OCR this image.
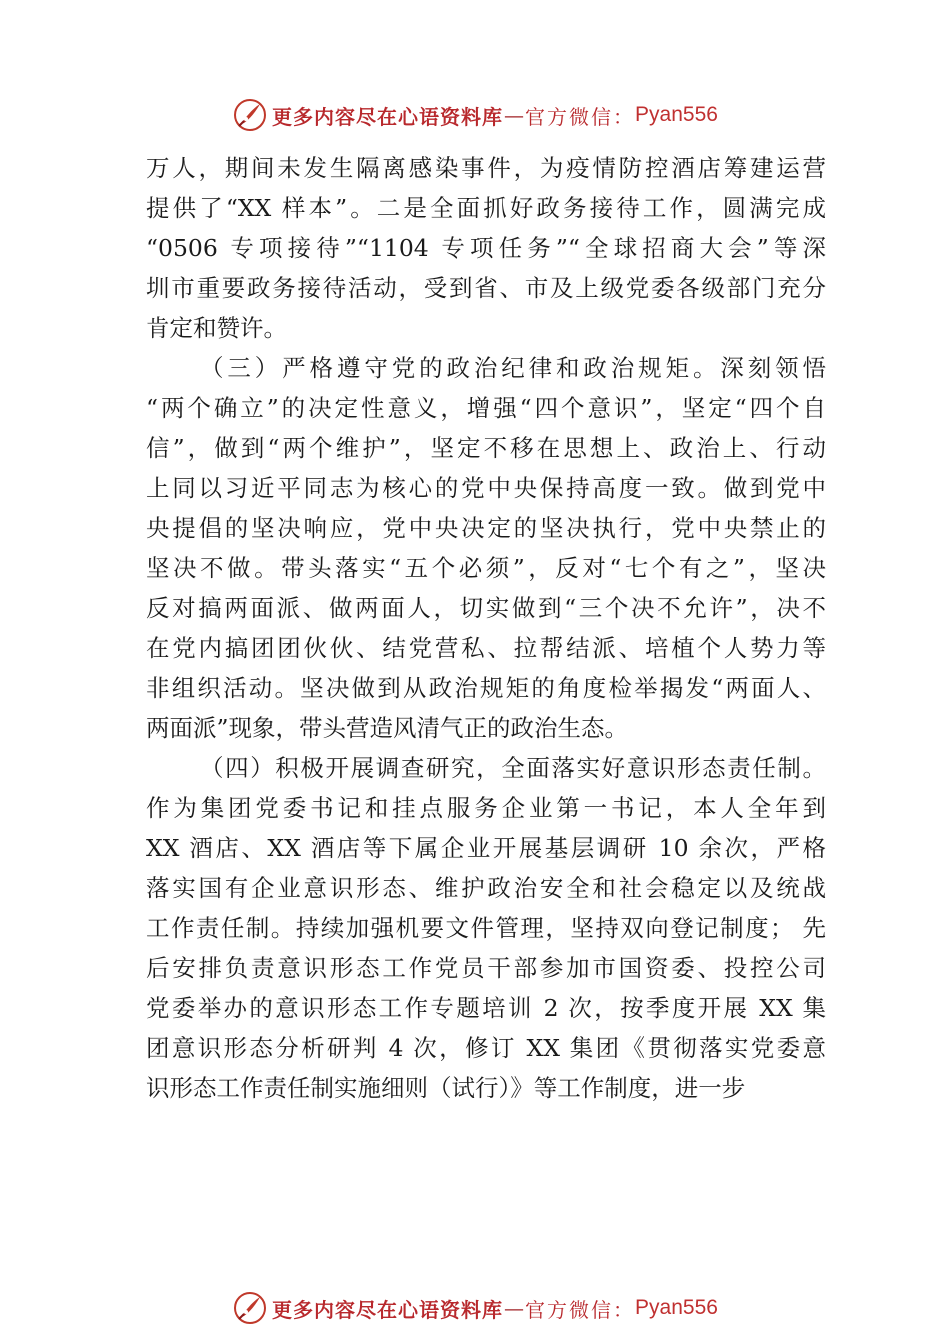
更多内容尽在心语资料库 — 官方微信： Pyan556
万人，期间未发生隔离感染事件，为疫情防控酒店筹建运营
提供了“XX 样本”。二是全面抓好政务接待工作，圆满完成
“0506 专项接待”“1104 专项任务”“全球招商大会”等深
圳市重要政务接待活动，受到省、市及上级党委各级部门充分
肯定和赞许。
（三）严格遵守党的政治纪律和政治规矩。深刻领悟
“两个确立”的决定性意义，增强“四个意识”，坚定“四个自
信”，做到“两个维护”，坚定不移在思想上、政治上、行动
上同以习近平同志为核心的党中央保持高度一致。做到党中
央提倡的坚决响应，党中央决定的坚决执行，党中央禁止的
坚决不做。带头落实“五个必须”，反对“七个有之”，坚决
反对搞两面派、做两面人，切实做到“三个决不允许”，决不
在党内搞团团伙伙、结党营私、拉帮结派、培植个人势力等
非组织活动。坚决做到从政治规矩的角度检举揭发“两面人、
两面派”现象，带头营造风清气正的政治生态。
（四）积极开展调查研究，全面落实好意识形态责任制。
作为集团党委书记和挂点服务企业第一书记，本人全年到
XX 酒店、XX 酒店等下属企业开展基层调研 10 余次，严格
落实国有企业意识形态、维护政治安全和社会稳定以及统战
工作责任制。持续加强机要文件管理，坚持双向登记制度； 先
后安排负责意识形态工作党员干部参加市国资委、投控公司
党委举办的意识形态工作专题培训 2 次，按季度开展 XX 集
团意识形态分析研判 4 次，修订 XX 集团《贯彻落实党委意
识形态工作责任制实施细则（试行）》等工作制度，进一步
更多内容尽在心语资料库 — 官方微信： Pyan556
